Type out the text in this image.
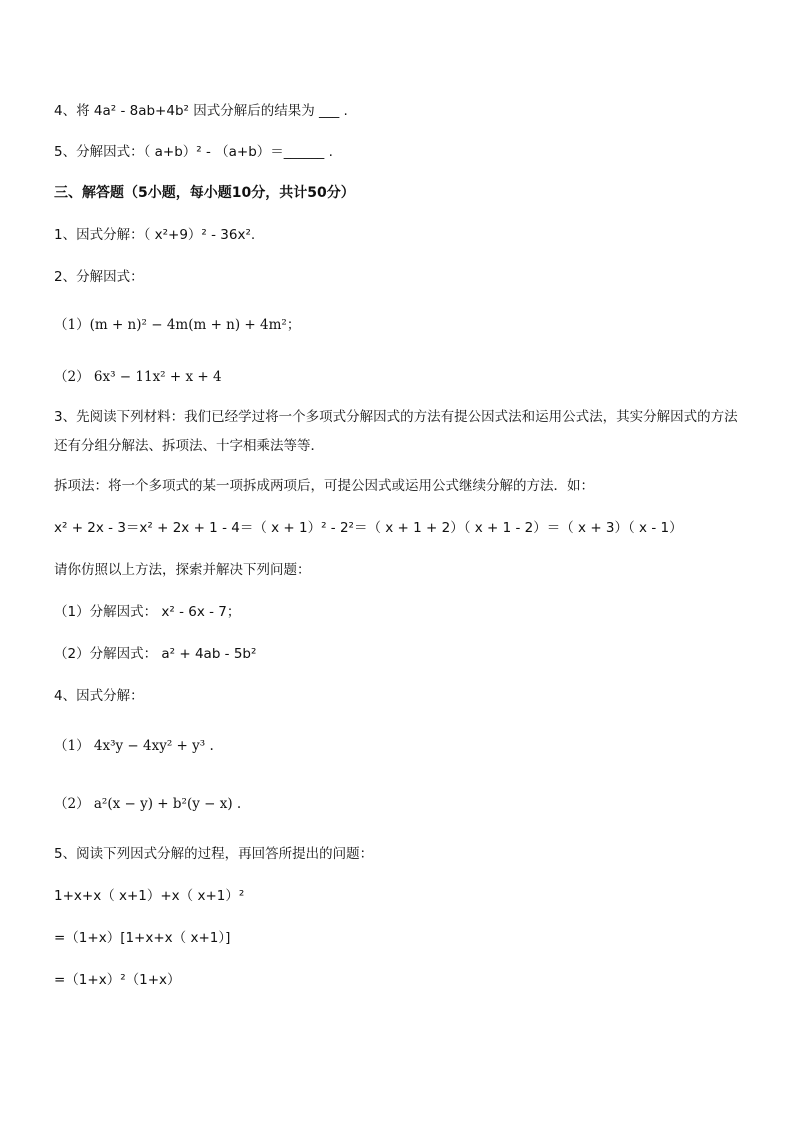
4、将 4a² - 8ab+4b² 因式分解后的结果为 ___ .
5、分解因式：（ a+b）² - （a+b）＝______ .
三、解答题（5小题，每小题10分，共计50分）
1、因式分解：（ x²+9）² - 36x².
2、分解因式：
（1）(m + n)² − 4m(m + n) + 4m²；
（2） 6x³ − 11x² + x + 4
3、先阅读下列材料：我们已经学过将一个多项式分解因式的方法有提公因式法和运用公式法，其实分解因式的方法还有分组分解法、拆项法、十字相乘法等等．
拆项法：将一个多项式的某一项拆成两项后，可提公因式或运用公式继续分解的方法．如：
x² + 2x - 3＝x² + 2x + 1 - 4＝（ x + 1）² - 2²＝（ x + 1 + 2）（ x + 1 - 2）＝（ x + 3）（ x - 1）
请你仿照以上方法，探索并解决下列问题：
（1）分解因式： x² - 6x - 7；
（2）分解因式： a² + 4ab - 5b²
4、因式分解：
（1） 4x³y − 4xy² + y³ .
（2） a²(x − y) + b²(y − x) .
5、阅读下列因式分解的过程，再回答所提出的问题：
1+x+x（ x+1）+x（ x+1）²
=（1+x）[1+x+x（ x+1）]
=（1+x）²（1+x）
